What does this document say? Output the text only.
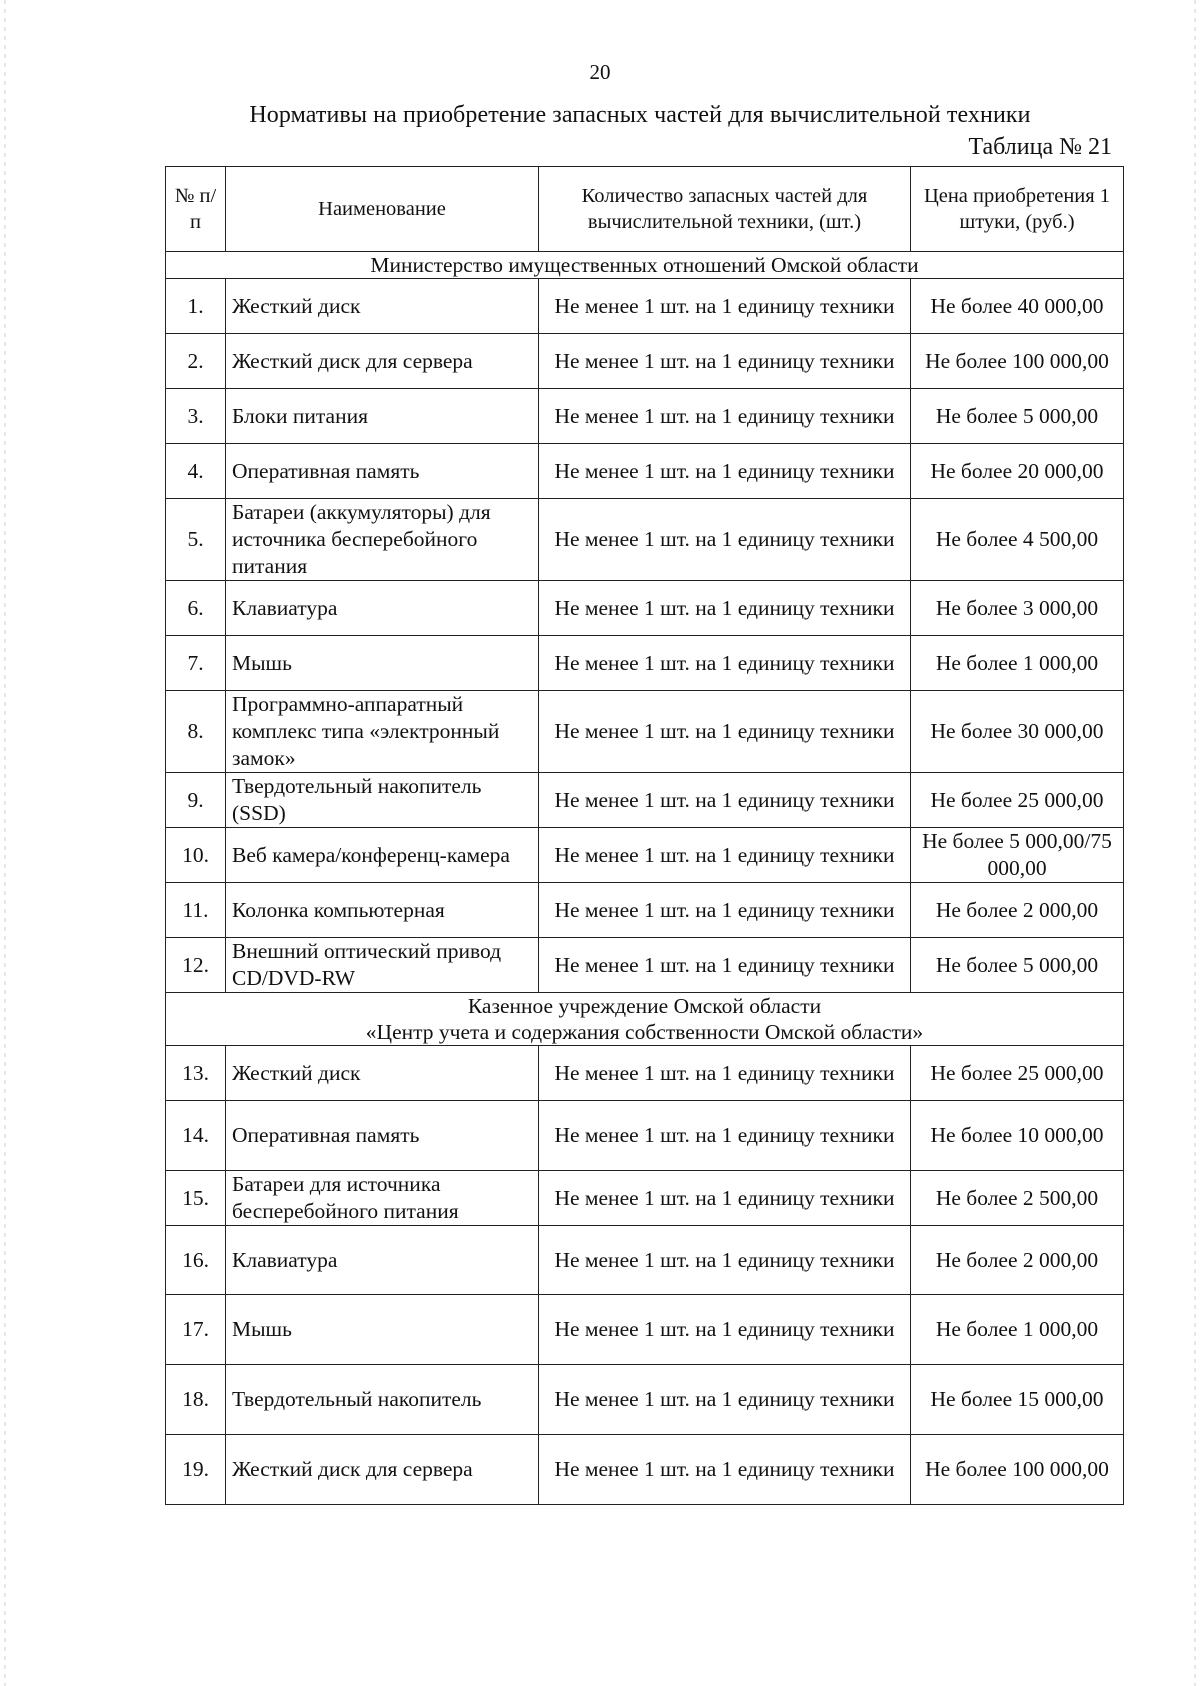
20
Нормативы на приобретение запасных частей для вычислительной техники
Таблица № 21
№ п/п	Наименование	Количество запасных частей для вычислительной техники, (шт.)	Цена приобретения 1 штуки, (руб.)
Министерство имущественных отношений Омской области			
1.	Жесткий диск	Не менее 1 шт. на 1 единицу техники	Не более 40 000,00
2.	Жесткий диск для сервера	Не менее 1 шт. на 1 единицу техники	Не более 100 000,00
3.	Блоки питания	Не менее 1 шт. на 1 единицу техники	Не более 5 000,00
4.	Оперативная память	Не менее 1 шт. на 1 единицу техники	Не более 20 000,00
5.	Батареи (аккумуляторы) для источника бесперебойного питания	Не менее 1 шт. на 1 единицу техники	Не более 4 500,00
6.	Клавиатура	Не менее 1 шт. на 1 единицу техники	Не более 3 000,00
7.	Мышь	Не менее 1 шт. на 1 единицу техники	Не более 1 000,00
8.	Программно-аппаратный комплекс типа «электронный замок»	Не менее 1 шт. на 1 единицу техники	Не более 30 000,00
9.	Твердотельный накопитель (SSD)	Не менее 1 шт. на 1 единицу техники	Не более 25 000,00
10.	Веб камера/конференц-камера	Не менее 1 шт. на 1 единицу техники	Не более 5 000,00/75 000,00
11.	Колонка компьютерная	Не менее 1 шт. на 1 единицу техники	Не более 2 000,00
12.	Внешний оптический привод CD/DVD-RW	Не менее 1 шт. на 1 единицу техники	Не более 5 000,00

Казенное учреждение Омской области
«Центр учета и содержания собственности Омской области»			

13.	Жесткий диск	Не менее 1 шт. на 1 единицу техники	Не более 25 000,00
14.	Оперативная память	Не менее 1 шт. на 1 единицу техники	Не более 10 000,00
15.	Батареи для источника бесперебойного питания	Не менее 1 шт. на 1 единицу техники	Не более 2 500,00
16.	Клавиатура	Не менее 1 шт. на 1 единицу техники	Не более 2 000,00
17.	Мышь	Не менее 1 шт. на 1 единицу техники	Не более 1 000,00
18.	Твердотельный накопитель	Не менее 1 шт. на 1 единицу техники	Не более 15 000,00
19.	Жесткий диск для сервера	Не менее 1 шт. на 1 единицу техники	Не более 100 000,00
